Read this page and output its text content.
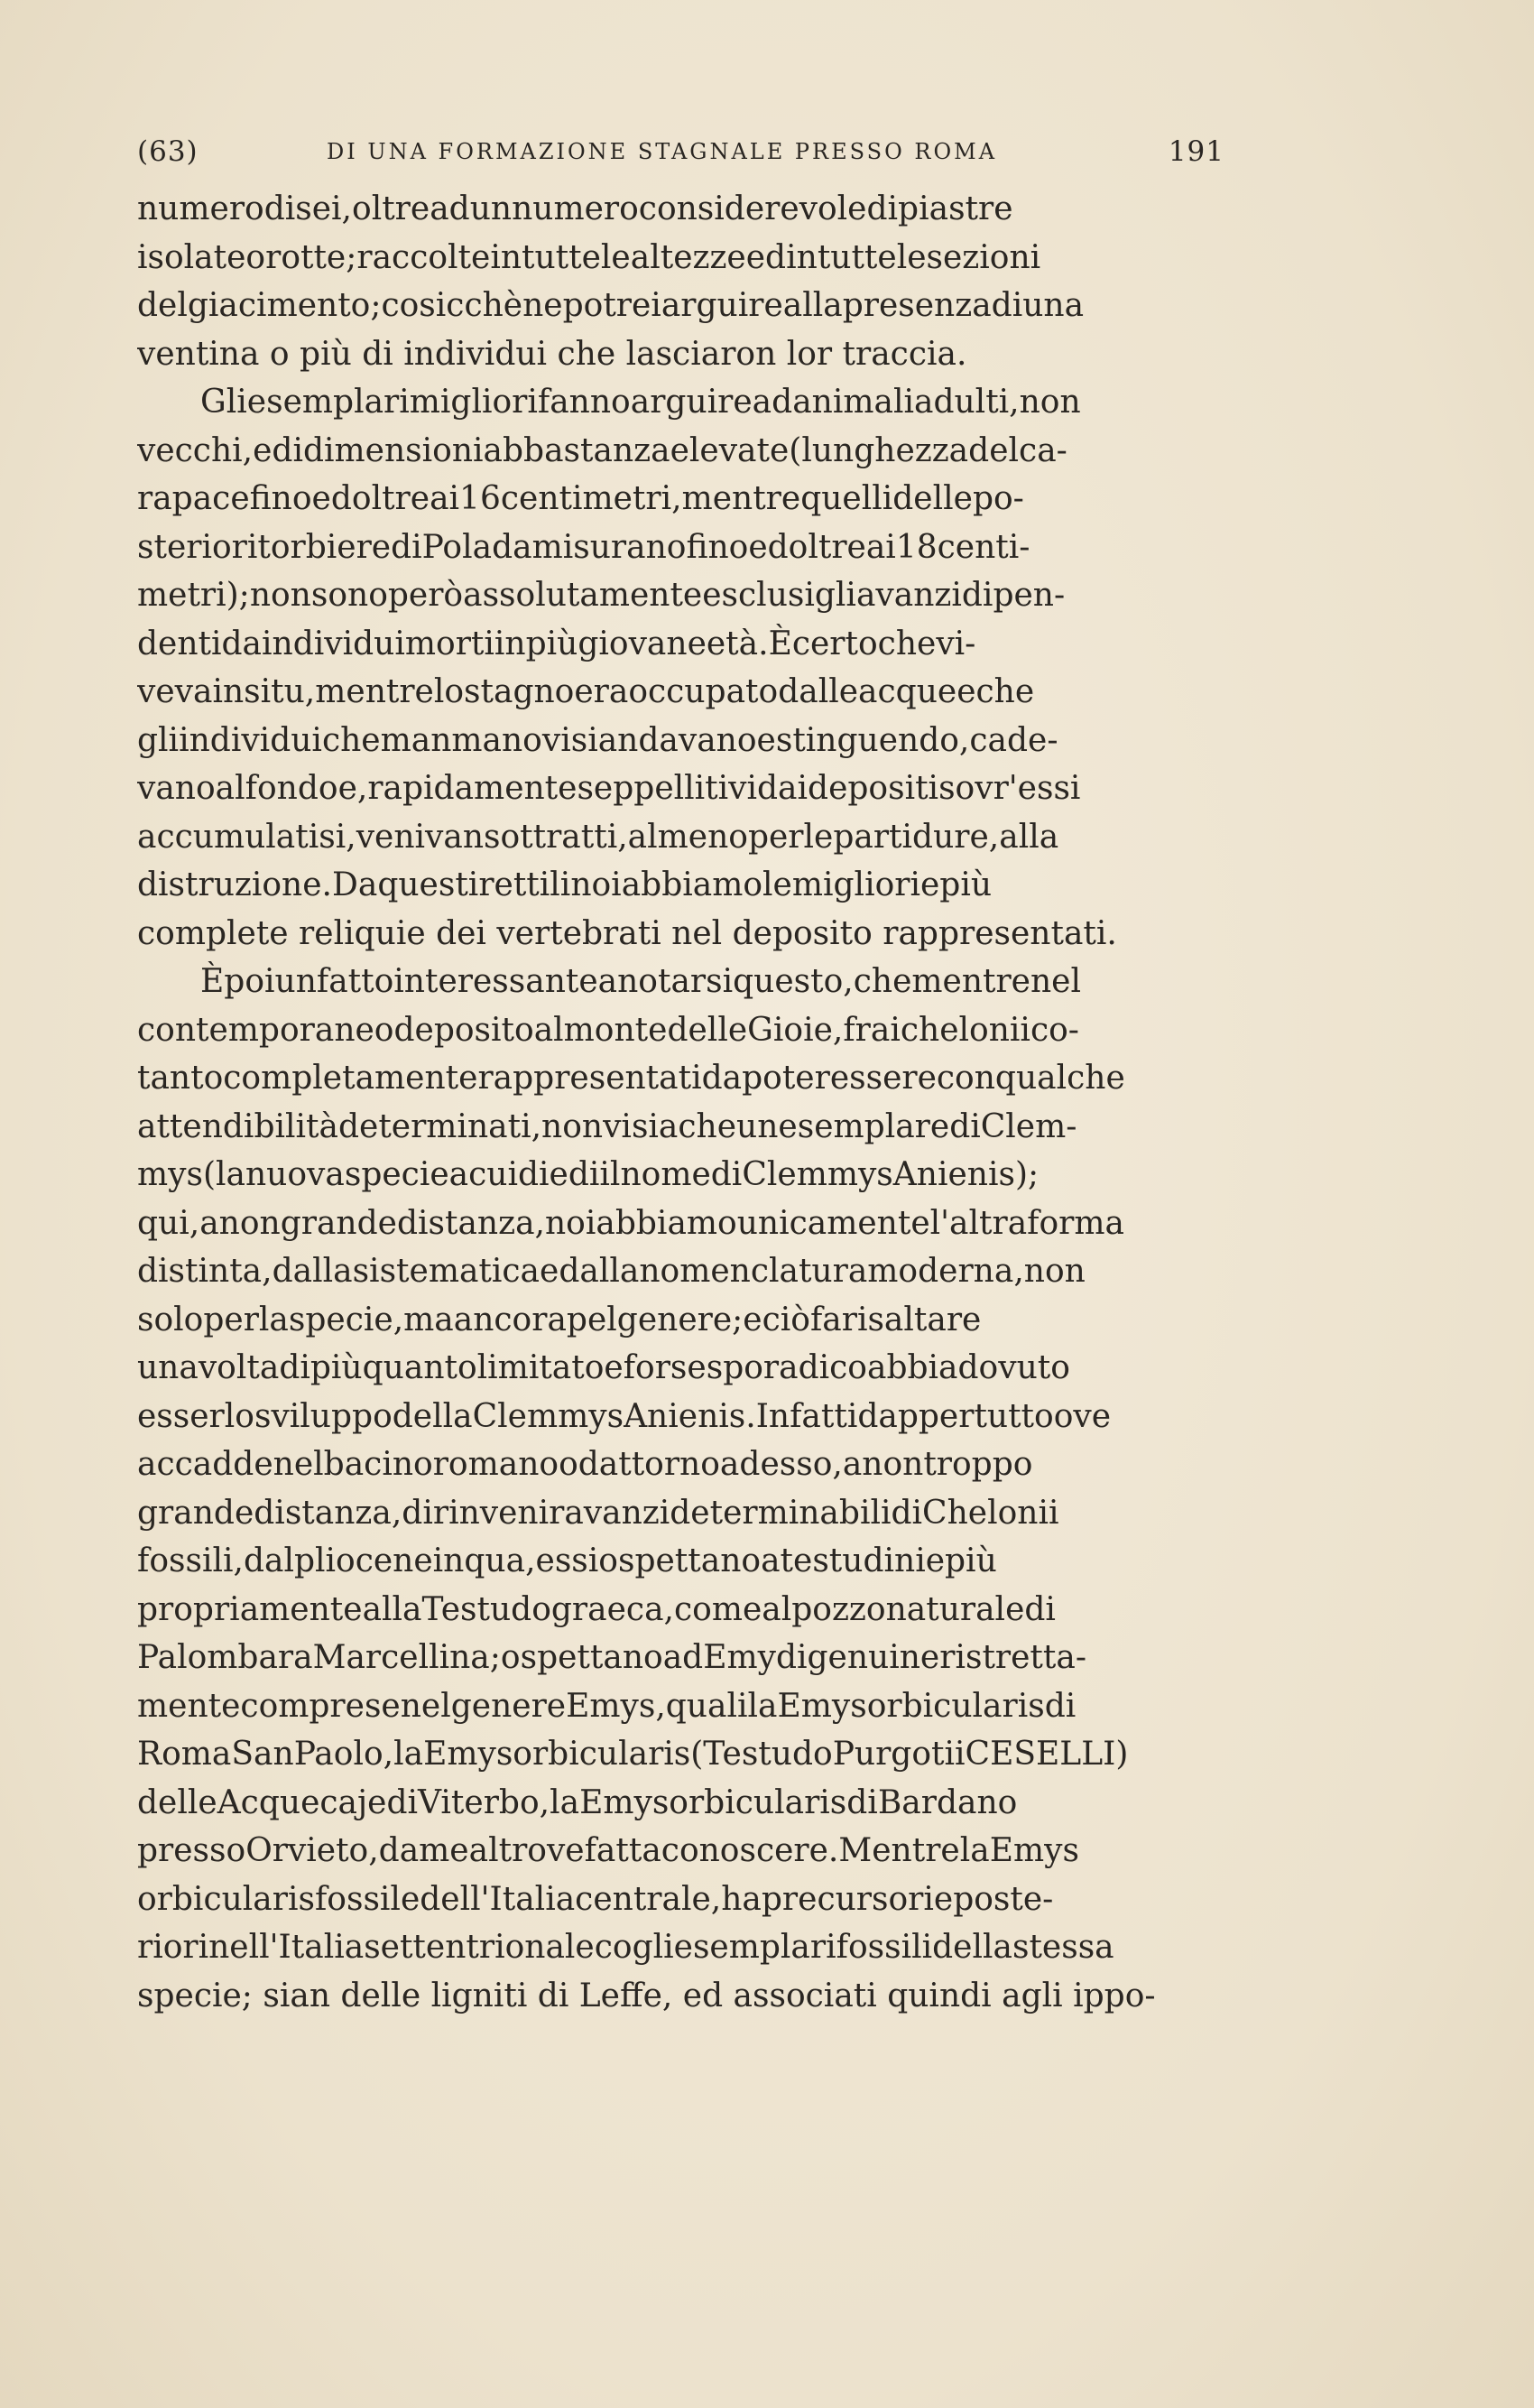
(63)	DI UNA FORMAZIONE STAGNALE PRESSO ROMA	191
numerodisei,oltreadunnumeroconsiderevoledipiastre
isolateorotte;raccolteintuttelealtezzeedintuttelesezioni
delgiacimento;cosicchènepotreiarguireallapresenzadiuna
ventina o più di individui che lasciaron lor traccia.
Gliesemplarimigliorifannoarguireadanimaliadulti,non
vecchi,edidimensioniabbastanzaelevate(lunghezzadelca-
rapacefinoedoltreai16centimetri,mentrequellidellepo-
sterioritorbierediPoladamisuranofinoedoltreai18centi-
metri);nonsonoperòassolutamenteesclusigliavanzidipen-
dentidaindividuimortiinpiùgiovaneetà.Ècertochevi-
vevainsitu,mentrelostagnoeraoccupatodalleacqueeche
gliindividuichemanmanovisiandavanoestinguendo,cade-
vanoalfondoe,rapidamenteseppellitividaidepositisovr'essi
accumulatisi,venivansottratti,almenoperlepartidure,alla
distruzione.Daquestirettilinoiabbiamolemiglioriepiù
complete reliquie dei vertebrati nel deposito rappresentati.
Èpoiunfattointeressanteanotarsiquesto,chementrenel
contemporaneodepositoalmontedelleGioie,fraicheloniico-
tantocompletamenterappresentatidapoteressereconqualche
attendibilitàdeterminati,nonvisiacheunesemplarediClem-
mys(lanuovaspecieacuidiediilnomediClemmysAnienis);
qui,anongrandedistanza,noiabbiamounicamentel'altraforma
distinta,dallasistematicaedallanomenclaturamoderna,non
soloperlaspecie,maancorapelgenere;eciòfarisaltare
unavoltadipiùquantolimitatoeforsesporadicoabbiadovuto
esserlosviluppodellaClemmysAnienis.Infattidappertuttoove
accaddenelbacinoromanoodattornoadesso,anontroppo
grandedistanza,dirinveniravanzideterminabilidiChelonii
fossili,dalplioceneinqua,essiospettanoatestudiniepiù
propriamenteallaTestudograeca,comealpozzonaturaledi
PalombaraMarcellina;ospettanoadEmydigenuineristretta-
mentecompresenelgenereEmys,qualilaEmysorbicularisdi
RomaSanPaolo,laEmysorbicularis(TestudoPurgotiiCESELLI)
delleAcquecajediViterbo,laEmysorbicularisdiBardano
pressoOrvieto,damealtrovefattaconoscere.MentrelaEmys
orbicularisfossiledell'Italiacentrale,haprecursorieposte-
riorinell'Italiasettentrionalecogliesemplarifossilidellastessa
specie; sian delle ligniti di Leffe, ed associati quindi agli ippo-
